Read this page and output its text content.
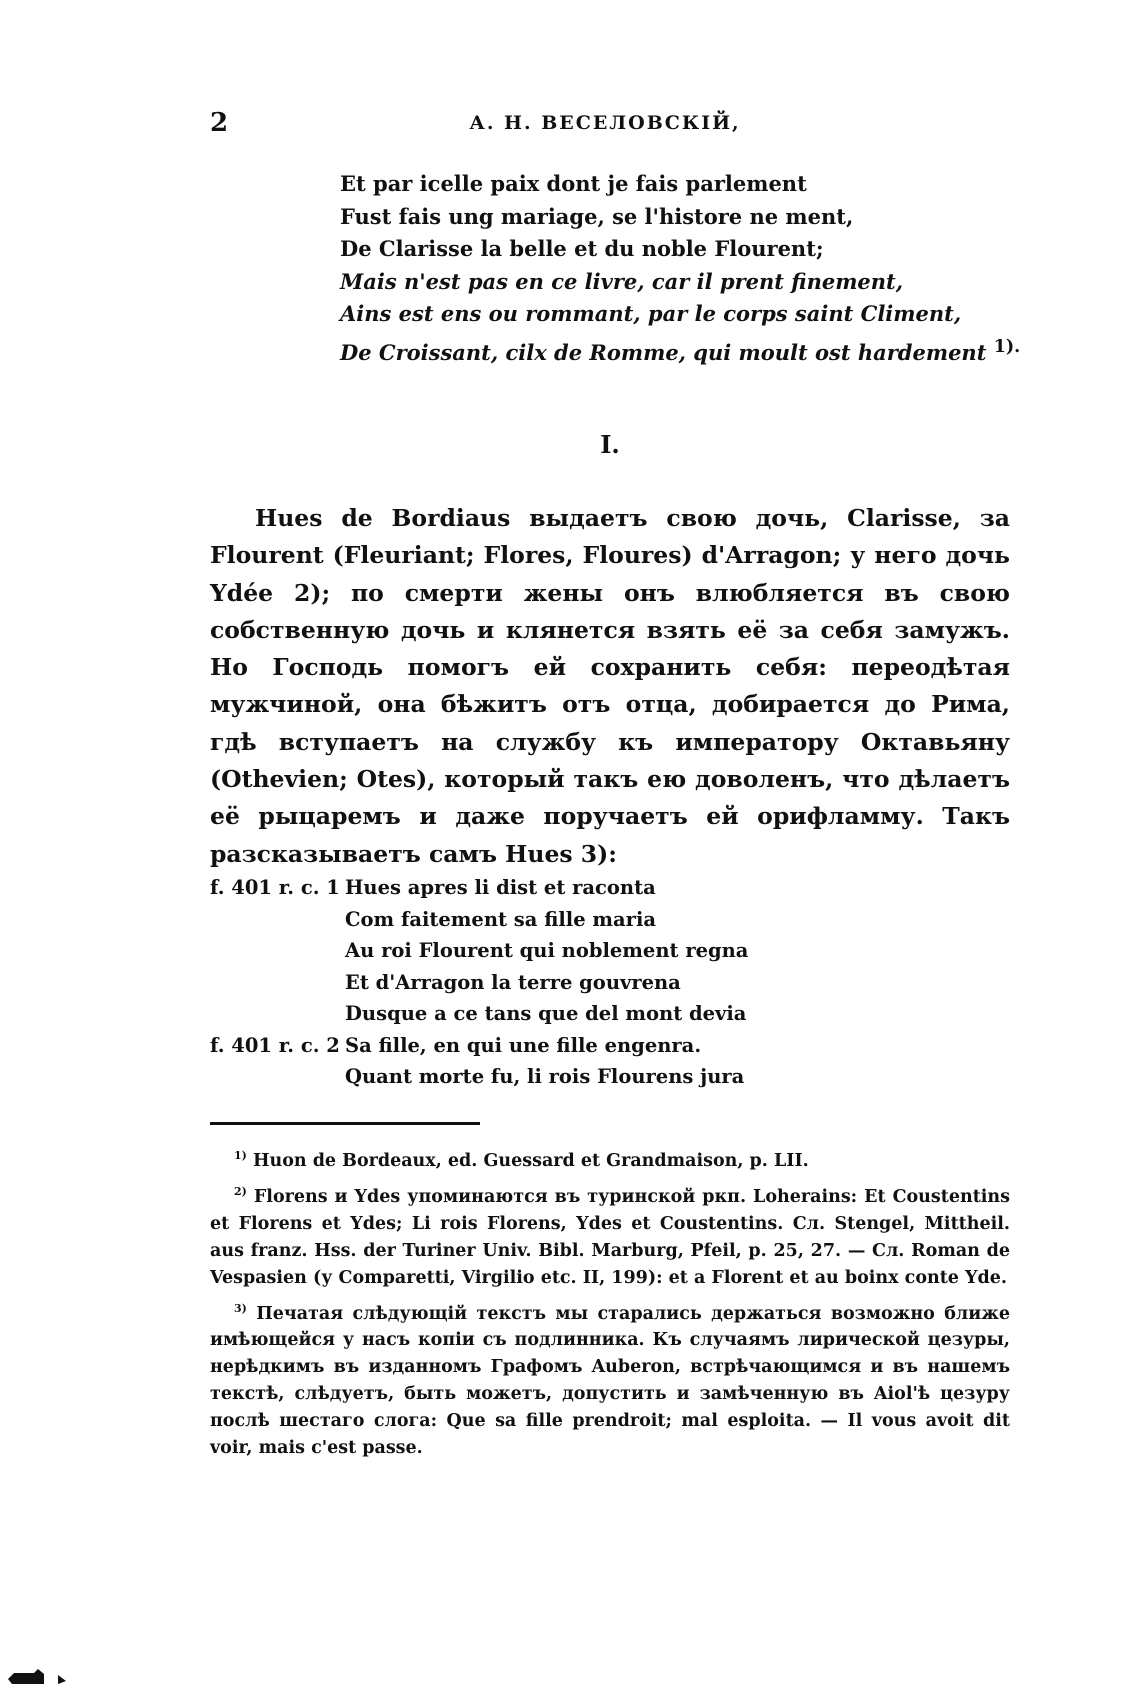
2	А. Н. ВЕСЕЛОВСКІЙ,
Et par icelle paix dont je fais parlement
Fust fais ung mariage, se l'histore ne ment,
De Clarisse la belle et du noble Flourent;
Mais n'est pas en ce livre, car il prent finement,
Ains est ens ou rommant, par le corps saint Climent,
De Croissant, cilx de Romme, qui moult ost hardement $^{1).}$
I.

Hues de Bordiaus выдаетъ свою дочь, Clarisse, за Flourent (Fleuriant; Flores, Floures) d'Arragon; у него дочь Ydée 2); по смерти жены онъ влюбляется въ свою собственную дочь и клянется взять её за себя замужъ. Но Господь помогъ ей сохранить себя: переодѣтая мужчиной, она бѣжитъ отъ отца, добирается до Рима, гдѣ вступаетъ на службу къ императору Октавьяну (Othevien; Otes), который такъ ею доволенъ, что дѣлаетъ её рыцаремъ и даже поручаетъ ей орифламму. Такъ разсказываетъ самъ Hues 3):

f. 401 r. c. 1 Hues apres li dist et raconta
Com faitement sa fille maria
Au roi Flourent qui noblement regna
Et d'Arragon la terre gouvrena
Dusque a ce tans que del mont devia
f. 401 r. c. 2 Sa fille, en qui une fille engenra.
Quant morte fu, li rois Flourens jura

$^{1)}$ Huon de Bordeaux, ed. Guessard et Grandmaison, p. LII.

$^{2)}$ Florens и Ydes упоминаются въ туринской ркп. Loherains: Et Coustentins et Florens et Ydes; Li rois Florens, Ydes et Coustentins. Сл. Stengel, Mittheil. aus franz. Hss. der Turiner Univ. Bibl. Marburg, Pfeil, p. 25, 27. — Сл. Roman de Vespasien (у Comparetti, Virgilio etc. II, 199): et a Florent et au boinx conte Yde.

$^{3)}$ Печатая слѣдующій текстъ мы старались держаться возможно ближе имѣющейся у насъ копіи съ подлинника. Къ случаямъ лирической цезуры, нерѣдкимъ въ изданномъ Графомъ Auberon, встрѣчающимся и въ нашемъ текстѣ, слѣдуетъ, быть можетъ, допустить и замѣченную въ Aiol'ѣ цезуру послѣ шестаго слога: Que sa fille prendroit; mal esploita. — Il vous avoit dit voir, mais c'est passe.
